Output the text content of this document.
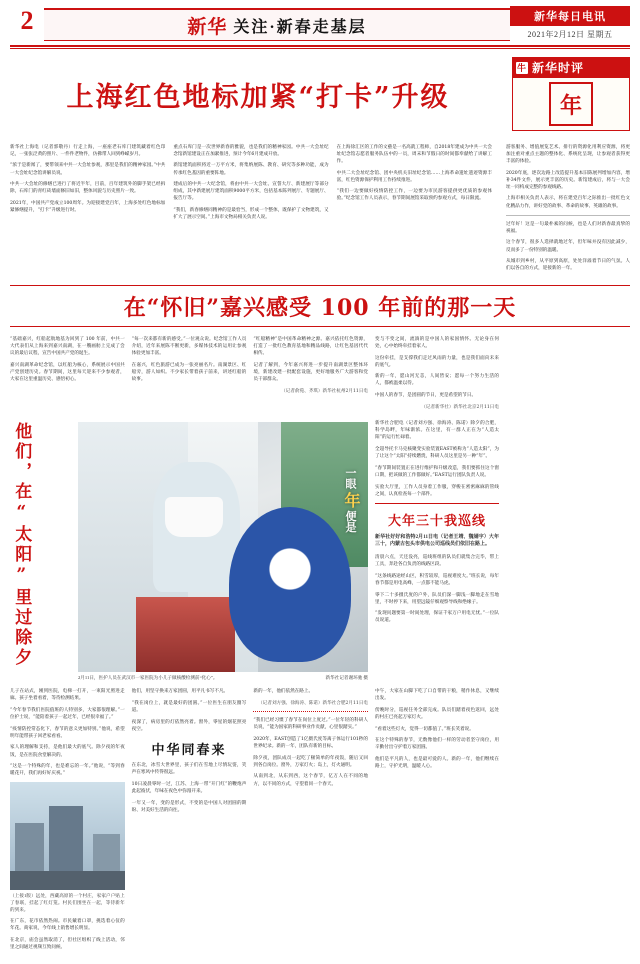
2	新华 关注·新春走基层
新华每日电讯
2021年2月12日 星期五
上海红色地标加紧“打卡”升级
牛 新华时评
年

新华社上海电（记者郭敬丹）行走上海，一座座老石库门建筑藏着红色印记，一张张泛黄的照片、一件件老物件，仿佛带人回到峥嵘岁月。

“浓于是新闻了，要带领来中共一大会址参观，那里是我们的精神家园。”中共一大会址纪念馆讲解员说。

中共一大会址的修缮已进行了将近半年，目前，百年建筑外的脚手架已经拆除，石库门的青红砖墙面修旧如旧，整体风貌与历史照片一致。

2021年，中国共产党成立100周年。为迎接建党百年，上海多处红色地标加紧修缮提升，“打卡”升级进行时。

重点石库门是一次世界新春的雅貌，也是我们的精神家园。中共一大会址纪念馆新馆建设正在加紧推进，预计今年6月建成开放。

新馆建筑面积将近一万平方米，将集纳展陈、教育、研究等多种功能，成为传承红色基因的重要阵地。

建成后的中共一大纪念馆，将由中共一大会址、宣誓大厅、新建展厅等部分组成，其中新建展厅建筑面积9000平方米，包括基本陈列展厅、专题展厅、报告厅等。

“我们，新春修缮同精神的是最恰当，形成一个整体，既保护了文物建筑，又扩大了展示空间。”上海市文物局相关负责人说。

在上海徐汇区的工作的文藝是一名高就工程师，自2018年建成为中共一大会址纪念馆志愿者服务队伍中的一员，周末和节假日的时间都奉献给了讲解工作。

中共二大会址纪念馆、团中央机关旧址纪念馆……上海革命遗址遗迹资源丰富，红色资源保护利用工作持续推进。

“我们一边要做好疫情防控工作，一边要为市民游客提供更优质的参观体验。”纪念馆工作人员表示，春节期间展馆采取预约参观方式，每日限流。

游客服务、增值展览艺术、排行的资源化用利应资源，将更加注重对重点主题的整体化、系统化呈现，让参观者获得更丰富的体验。

2020年底，逐次边路上改造提升基本旧陈展列增加内容，增补34件文件，展示更丰富的历史。新馆建成后，将与一大会址一同构成完整的参观线路。

上海市相关负责人表示，将在建党百年之际推出一批红色文化精品力作，讲好党的故事、革命的故事、英雄的故事。

过年好！这是一句最朴素的问候，也是人们对新春最真挚的祝福。

这个春节，很多人选择就地过年，但年味并没有因此减少，反而多了一份特别的温暖。

从城市到乡村，从平原到高原，处处洋溢着节日的气氛。人们以各自的方式，迎接新的一年。

在“怀旧”嘉兴感受 100 年前的那一天

“基础嘉兴，红船起航地基为回到了 100 年前，中共一大代表们从上海来到嘉兴南湖，在一艘画舫上完成了会议的最后议程，宣告中国共产党的诞生。

嘉兴南湖革命纪念馆，以红船为核心，系统展示中国共产党创建历史。春节期间，这里每天迎来不少参观者，大家在这里重温历史、感悟初心。

“每一次来都有新的感受。”一位观众说。纪念馆工作人员介绍，近年来展陈不断更新，多媒体技术的运用让参观体验更加丰富。

在嘉兴，红色旅游已成为一张亮丽名片。南湖景区、红船旁，游人如织。不少家长带着孩子前来，讲述红船的故事。

“红船精神”是中国革命精神之源。嘉兴依托红色资源，打造了一批红色教育基地和精品线路，让红色基因代代相传。

记者了解到，今年嘉兴将进一步提升南湖景区整体环境，新建改建一批配套设施，更好地服务广大游客和党员干部群众。

（记者俞菀、齐琪）新华社杭州2月11日电

变与不变之间，流淌的是中国人的家国情怀。无论身在何处，心中始终牵挂着家人。

这份牵挂，是支撑我们走过风雨的力量，也是我们面向未来的底气。

新的一年，愿山河无恙，人间皆安；愿每一个努力生活的人，都被温柔以待。

中国人的春节，是团圆的节日，更是希望的节日。

（记者新华社）新华社北京2月11日电

他们，在“太阳”里过除夕	一眼 年 便是
2月11日，医护人员在武汉市一家医院为小儿子做核酸检测前“化心”。	新华社记者谢环驰 摄

新华社合肥电（记者刘方强、徐海涛、陈诺）除夕的合肥，科学岛畔，年味渐浓。在这里，有一群人正在为“人造太阳”的运行忙碌着。

全超导托卡马克核聚变实验装置EAST被称为“人造太阳”，为了让这个“太阳”持续燃烧，科研人员这里是另一种“年”。

“春节期间装置正在进行维护和升级改造，我们要抓住这个窗口期，把该做的工作都做好。”EAST运行团队负责人说。

实验大厅里，工作人员身着工作服，穿梭在密密麻麻的管线之间，认真检查每一个部件。

大年三十我巡线

新华社好好和浩特2月11日电（记者王靖、魏婧宇）大年三十，内蒙古包头市供电公司巡线员们依旧在路上。

清晨六点，天还没亮，巡线班组的队员们就集合完毕，带上工具，奔赴各自负责的线路区段。

“这条线路途经山区，积雪较厚，巡视难度大。”班长说，每年春节都是用电高峰，一点都不能马虎。

零下二十多摄氏度的户外，队员们深一脚浅一脚地走在雪地里，不时停下来，用望远镜仔细观察导线和绝缘子。

“发现问题要第一时间处理，保证千家万户用电无忧。”一位队员说道。

儿子在站式，刚到医院，电梯一打开，一束阳光照进走廊。孩子坐着看着，等待检测结果。

“今年春节我们医院值班的人特别多，大家都很理解。”一位护士说，“能陪着孩子一起过年，已经很幸福了。”

“疫情防控常态化下，春节的意义更加特别。”他说，希望明年能带孩子回老家看看。

家人的理解和支持，是他们最大的底气。除夕夜的年夜饭，是在医院食堂解决的。

“这是一个特殊的年，也是难忘的一年。”他说，“等到春暖花开，我们再好好庆祝。”

（上接1版）远处，西藏高原的一个村庄，家家户户贴上了春联，挂起了红灯笼。村民们围坐在一起，等待新年的到来。

在广东，花市依然热闹。市民戴着口罩，挑选着心仪的年花。商家说，今年线上销售增长明显。

在北京，庙会虽然取消了，但社区组织了线上活动，邻里之间通过视频互致问候。

他们，用坚守换来万家团圆，用平凡书写不凡。

“我在岗位上，就是最好的团圆。”一位医生在朋友圈写道。

夜深了，病房里的灯依然亮着。窗外，零星的烟花照亮夜空。

中华同春来

在东北，冰雪大世界里，孩子们在雪地上尽情玩耍，笑声在寒风中传得很远。

10日凌晨零时一过，江苏、上海一带“开门红”的鞭炮声此起彼伏，年味在夜色中弥漫开来。

一年又一年，变的是形式，不变的是中国人对团圆的期盼、对美好生活的向往。

新的一年，他们依然在路上。

（记者刘方强、徐海涛、陈诺）新华社合肥2月11日电

“我们已经习惯了春节在岗位上度过。”一位年轻的科研人员说，“能为国家的科研事业作贡献，心里很踏实。”

2020年，EAST创造了1亿摄氏度等离子体运行101秒的世界纪录。新的一年，团队有新的目标。

除夕夜，团队成员一起吃了顿简单的年夜饭，随后又回到各自岗位。窗外，万家灯火；岛上，灯火通明。

从南到北，从东到西，这个春节，亿万人在不同的地方，以不同的方式，守望着同一个春天。

中午，大家在山脚下吃了口自带的干粮，稍作休息，又继续出发。

傍晚时分，巡视任务全部完成。队员们踏着夜色返回，远处的村庄已亮起万家灯火。

“看着这些灯火，觉得一切都值了。”班长笑着说。

在这个特殊的春节，无数像他们一样的劳动者坚守岗位，用辛勤付出守护着万家团圆。

他们是平凡的人，也是最可爱的人。新的一年，他们继续在路上，守护光明，温暖人心。
